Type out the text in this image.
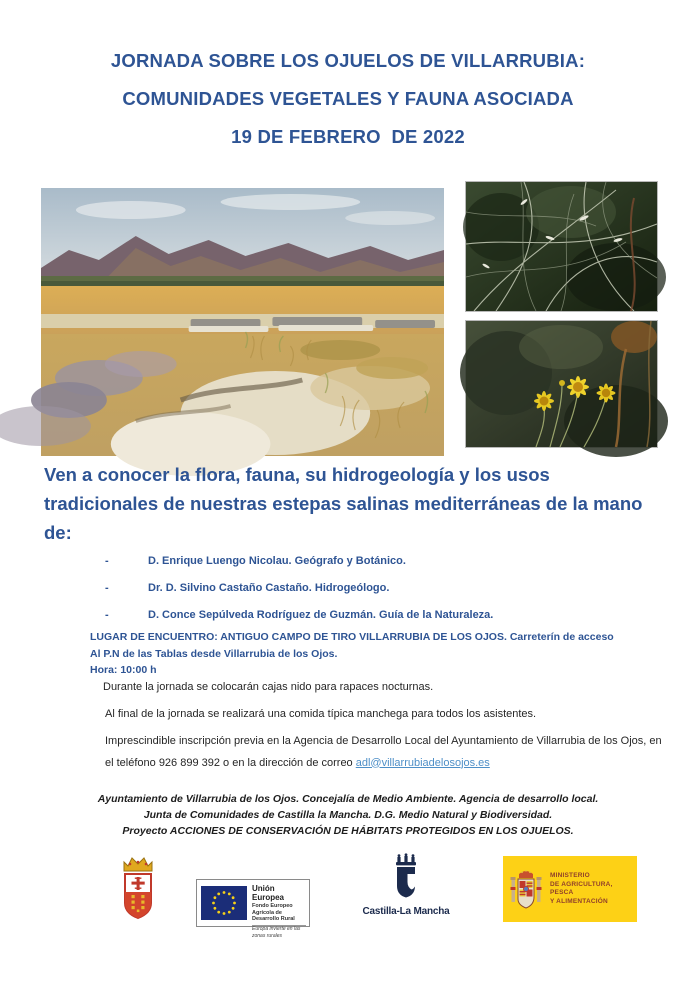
JORNADA SOBRE LOS OJUELOS DE VILLARRUBIA:
COMUNIDADES VEGETALES Y FAUNA ASOCIADA
19 DE FEBRERO  DE 2022
Ven a conocer la flora, fauna, su hidrogeología y los usos tradicionales de nuestras estepas salinas mediterráneas de la mano de:
-	D. Enrique Luengo Nicolau. Geógrafo y Botánico.
-	Dr. D. Silvino Castaño Castaño. Hidrogeólogo.
-	D. Conce Sepúlveda Rodríguez de Guzmán. Guía de la Naturaleza.
LUGAR DE ENCUENTRO: ANTIGUO CAMPO DE TIRO VILLARRUBIA DE LOS OJOS. Carreterín de acceso
Al P.N de las Tablas desde Villarrubia de los Ojos.
Hora: 10:00 h
Durante la jornada se colocarán cajas nido para rapaces nocturnas.
Al final de la jornada se realizará una comida típica manchega para todos los asistentes.
Imprescindible inscripción previa en la Agencia de Desarrollo Local del Ayuntamiento de Villarrubia de los Ojos, en el teléfono 926 899 392 o en la dirección de correo adl@villarrubiadelosojos.es
Ayuntamiento de Villarrubia de los Ojos. Concejalía de Medio Ambiente. Agencia de desarrollo local.
Junta de Comunidades de Castilla la Mancha. D.G. Medio Natural y Biodiversidad.
Proyecto ACCIONES DE CONSERVACIÓN DE HÁBITATS PROTEGIDOS EN LOS OJUELOS.
Unión Europea
Fondo Europeo Agrícola de Desarrollo Rural
Europa invierte en las zonas rurales
Castilla-La Mancha
MINISTERIO
DE AGRICULTURA, PESCA
Y ALIMENTACIÓN
